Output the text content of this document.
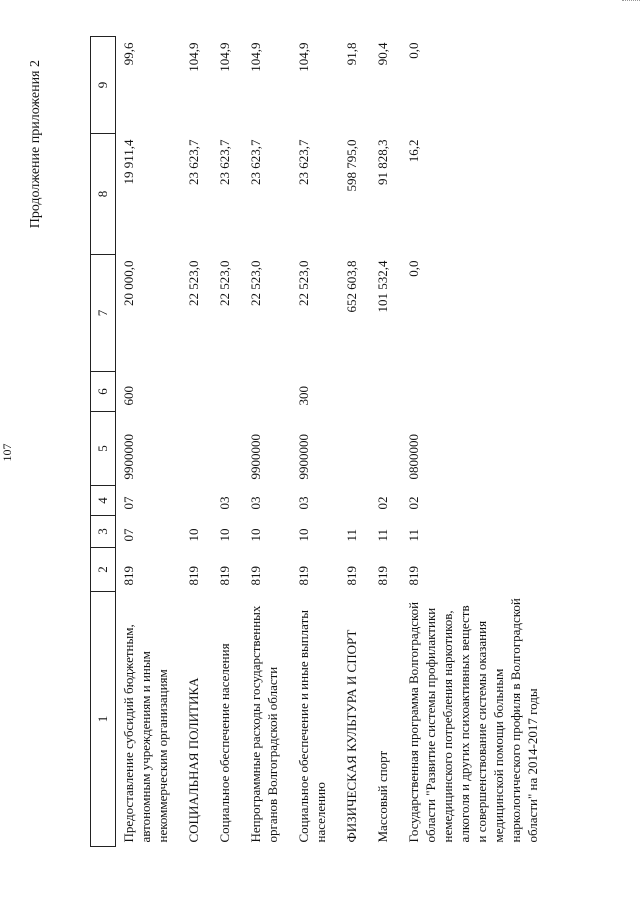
107
Продолжение приложения 2
1	2	3	4	5	6	7	8	9
Предоставление субсидий бюджетным, автономным учреждениям и иным некоммерческим организациям	819	07	07	9900000	600	20 000,0	19 911,4	99,6
СОЦИАЛЬНАЯ ПОЛИТИКА	819	10				22 523,0	23 623,7	104,9
Социальное обеспечение населения	819	10	03			22 523,0	23 623,7	104,9
Непрограммные расходы государственных органов Волгоградской области	819	10	03	9900000		22 523,0	23 623,7	104,9
Социальное обеспечение и иные выплаты населению	819	10	03	9900000	300	22 523,0	23 623,7	104,9
ФИЗИЧЕСКАЯ КУЛЬТУРА И СПОРТ	819	11				652 603,8	598 795,0	91,8
Массовый спорт	819	11	02			101 532,4	91 828,3	90,4
Государственная программа Волгоградской области "Развитие системы профилактики немедицинского потребления наркотиков, алкоголя и других психоактивных веществ и совершенствование системы оказания медицинской помощи больным наркологического профиля в Волгоградской области" на 2014-2017 годы	819	11	02	0800000		0,0	16,2	0,0
